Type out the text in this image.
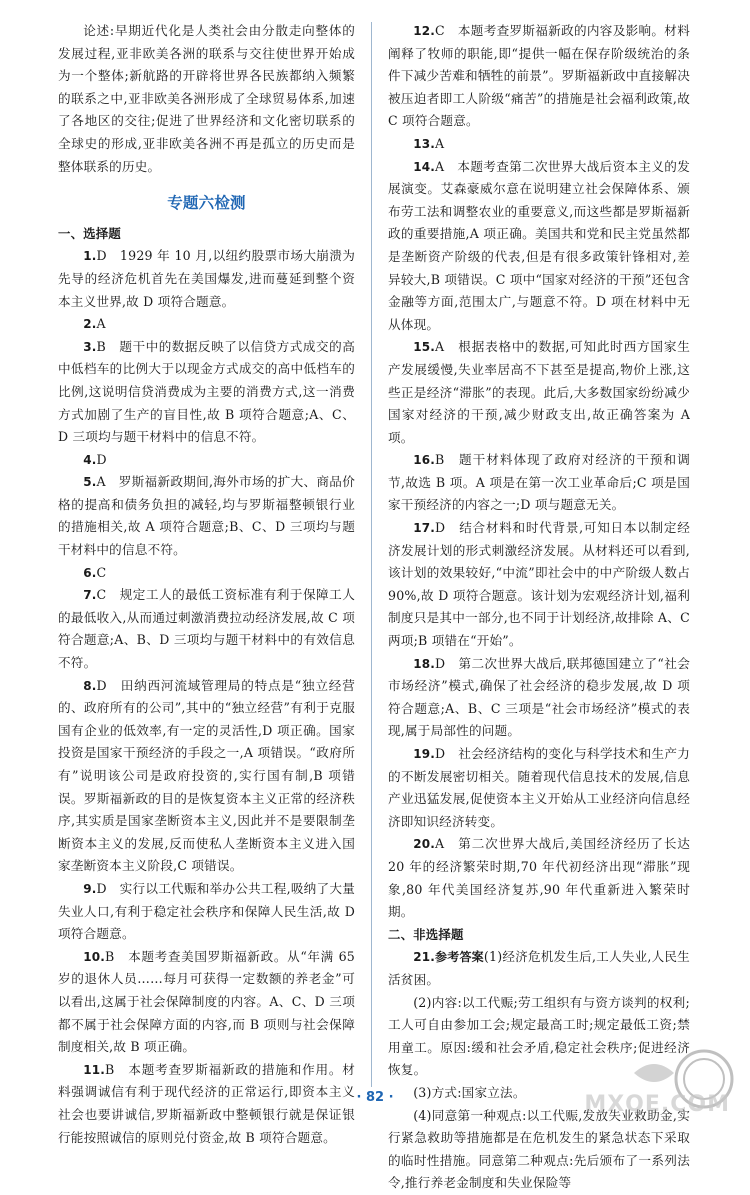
论述:早期近代化是人类社会由分散走向整体的发展过程,亚非欧美各洲的联系与交往使世界开始成为一个整体;新航路的开辟将世界各民族都纳入频繁的联系之中,亚非欧美各洲形成了全球贸易体系,加速了各地区的交往;促进了世界经济和文化密切联系的全球史的形成,亚非欧美各洲不再是孤立的历史而是整体联系的历史。

专题六检测

一、选择题

1.D　1929 年 10 月,以纽约股票市场大崩溃为先导的经济危机首先在美国爆发,进而蔓延到整个资本主义世界,故 D 项符合题意。

2.A

3.B　题干中的数据反映了以信贷方式成交的高中低档车的比例大于以现金方式成交的高中低档车的比例,这说明信贷消费成为主要的消费方式,这一消费方式加剧了生产的盲目性,故 B 项符合题意;A、C、D 三项均与题干材料中的信息不符。

4.D

5.A　罗斯福新政期间,海外市场的扩大、商品价格的提高和债务负担的减轻,均与罗斯福整顿银行业的措施相关,故 A 项符合题意;B、C、D 三项均与题干材料中的信息不符。

6.C

7.C　规定工人的最低工资标准有利于保障工人的最低收入,从而通过刺激消费拉动经济发展,故 C 项符合题意;A、B、D 三项均与题干材料中的有效信息不符。

8.D　田纳西河流域管理局的特点是“独立经营的、政府所有的公司”,其中的“独立经营”有利于克服国有企业的低效率,有一定的灵活性,D 项正确。国家投资是国家干预经济的手段之一,A 项错误。“政府所有”说明该公司是政府投资的,实行国有制,B 项错误。罗斯福新政的目的是恢复资本主义正常的经济秩序,其实质是国家垄断资本主义,因此并不是要限制垄断资本主义的发展,反而使私人垄断资本主义进入国家垄断资本主义阶段,C 项错误。

9.D　实行以工代赈和举办公共工程,吸纳了大量失业人口,有利于稳定社会秩序和保障人民生活,故 D 项符合题意。

10.B　本题考查美国罗斯福新政。从“年满 65 岁的退休人员……每月可获得一定数额的养老金”可以看出,这属于社会保障制度的内容。A、C、D 三项都不属于社会保障方面的内容,而 B 项则与社会保障制度相关,故 B 项正确。

11.B　本题考查罗斯福新政的措施和作用。材料强调诚信有利于现代经济的正常运行,即资本主义社会也要讲诚信,罗斯福新政中整顿银行就是保证银行能按照诚信的原则兑付资金,故 B 项符合题意。

12.C　本题考查罗斯福新政的内容及影响。材料阐释了牧师的职能,即“提供一幅在保存阶级统治的条件下减少苦难和牺牲的前景”。罗斯福新政中直接解决被压迫者即工人阶级“痛苦”的措施是社会福利政策,故 C 项符合题意。

13.A

14.A　本题考查第二次世界大战后资本主义的发展演变。艾森豪威尔意在说明建立社会保障体系、颁布劳工法和调整农业的重要意义,而这些都是罗斯福新政的重要措施,A 项正确。美国共和党和民主党虽然都是垄断资产阶级的代表,但是有很多政策针锋相对,差异较大,B 项错误。C 项中“国家对经济的干预”还包含金融等方面,范围太广,与题意不符。D 项在材料中无从体现。

15.A　根据表格中的数据,可知此时西方国家生产发展缓慢,失业率居高不下甚至是提高,物价上涨,这些正是经济“滞胀”的表现。此后,大多数国家纷纷减少国家对经济的干预,减少财政支出,故正确答案为 A 项。

16.B　题干材料体现了政府对经济的干预和调节,故选 B 项。A 项是在第一次工业革命后;C 项是国家干预经济的内容之一;D 项与题意无关。

17.D　结合材料和时代背景,可知日本以制定经济发展计划的形式刺激经济发展。从材料还可以看到,该计划的效果较好,“中流”即社会中的中产阶级人数占 90%,故 D 项符合题意。该计划为宏观经济计划,福利制度只是其中一部分,也不同于计划经济,故排除 A、C 两项;B 项错在“开始”。

18.D　第二次世界大战后,联邦德国建立了“社会市场经济”模式,确保了社会经济的稳步发展,故 D 项符合题意;A、B、C 三项是“社会市场经济”模式的表现,属于局部性的问题。

19.D　社会经济结构的变化与科学技术和生产力的不断发展密切相关。随着现代信息技术的发展,信息产业迅猛发展,促使资本主义开始从工业经济向信息经济即知识经济转变。

20.A　第二次世界大战后,美国经济经历了长达 20 年的经济繁荣时期,70 年代初经济出现“滞胀”现象,80 年代美国经济复苏,90 年代重新进入繁荣时期。

二、非选择题

21.参考答案(1)经济危机发生后,工人失业,人民生活贫困。

(2)内容:以工代赈;劳工组织有与资方谈判的权利;工人可自由参加工会;规定最高工时;规定最低工资;禁用童工。原因:缓和社会矛盾,稳定社会秩序;促进经济恢复。

(3)方式:国家立法。

(4)同意第一种观点:以工代赈,发放失业救助金,实行紧急救助等措施都是在危机发生的紧急状态下采取的临时性措施。同意第二种观点:先后颁布了一系列法令,推行养老金制度和失业保险等

· 82 ·	MXQE.COM
